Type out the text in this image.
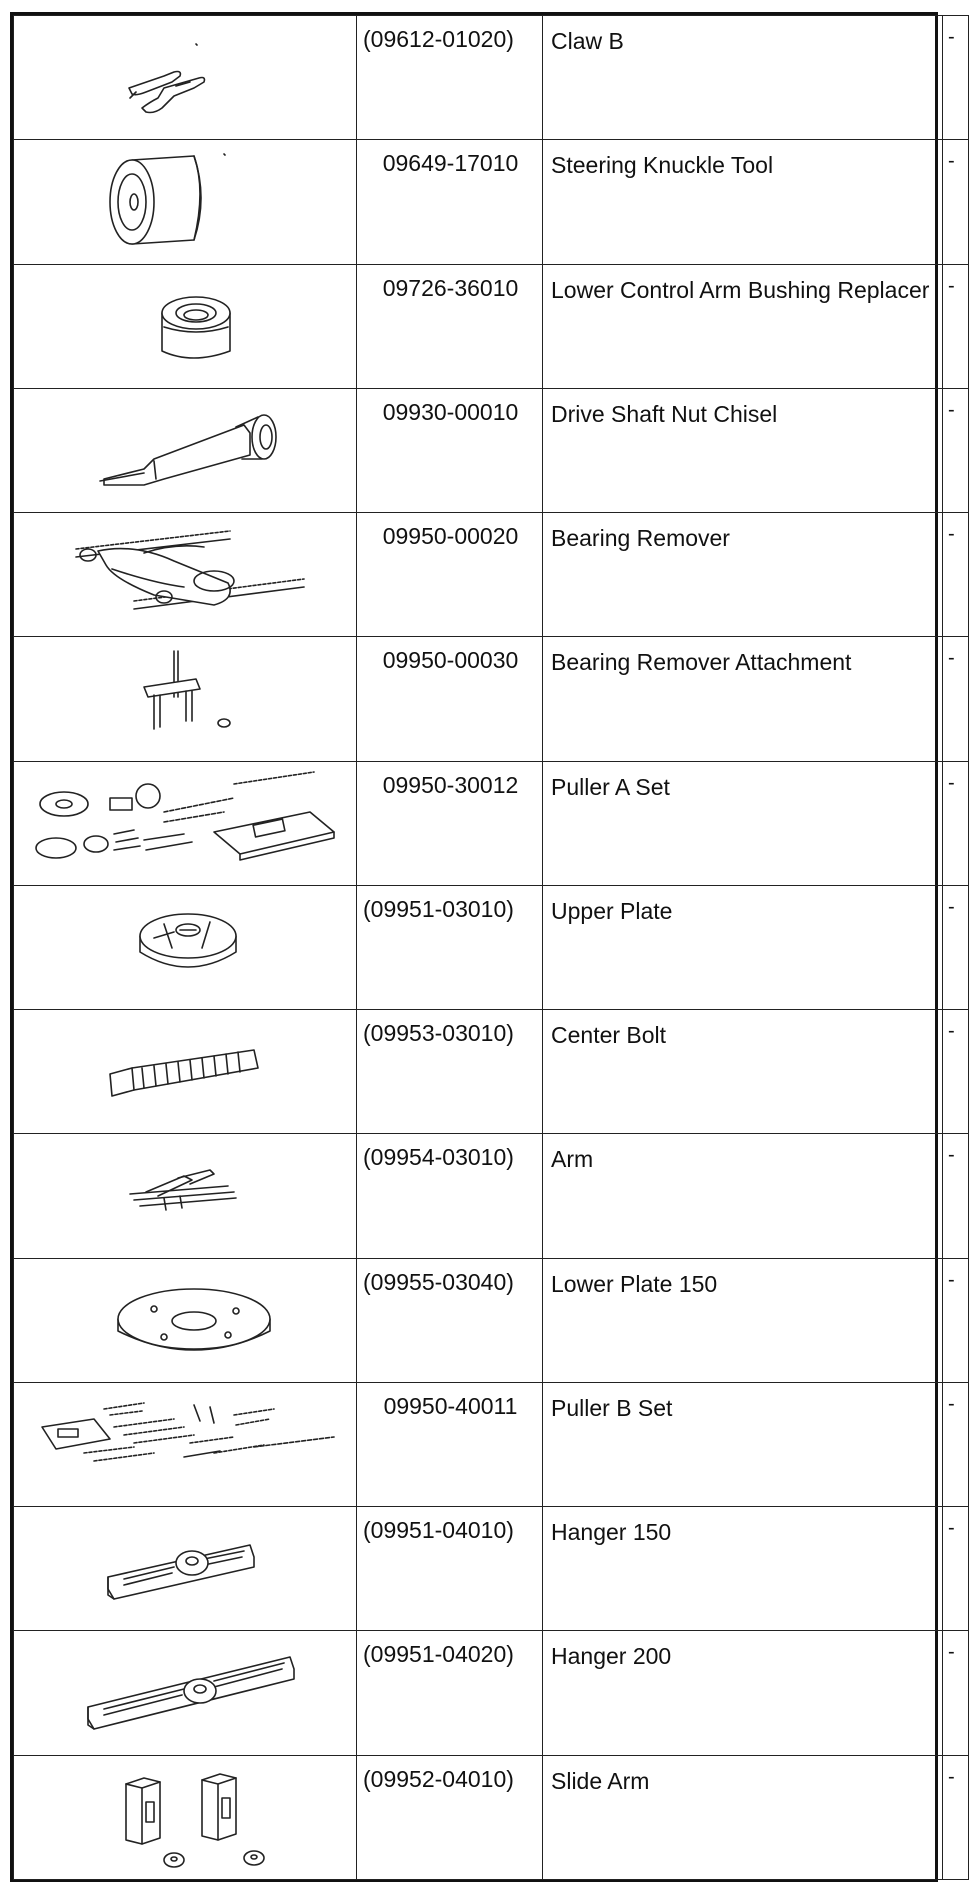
	(09612-01020)	Claw B	-

	09649-17010	Steering Knuckle Tool	-

	09726-36010	Lower Control Arm Bushing Replacer	-

	09930-00010	Drive Shaft Nut Chisel	-

	09950-00020	Bearing Remover	-

	09950-00030	Bearing Remover Attachment	-

	09950-30012	Puller A Set	-

	(09951-03010)	Upper Plate	-

	(09953-03010)	Center Bolt	-

	(09954-03010)	Arm	-

	(09955-03040)	Lower Plate 150	-

	09950-40011	Puller B Set	-

	(09951-04010)	Hanger 150	-

	(09951-04020)	Hanger 200	-

	(09952-04010)	Slide Arm	-
